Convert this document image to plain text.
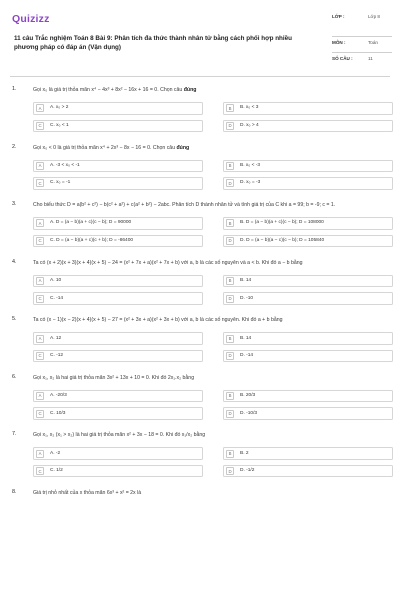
Quizizz
11 câu Trắc nghiệm Toán 8 Bài 9: Phân tích đa thức thành nhân tử bằng cách phối hợp nhiều phương pháp có đáp án (Vận dụng)
LỚP :	Lớp 8
MÔN :	Toán
SỐ CÂU :	11
1.	Gọi x₀ là giá trị thỏa mãn x⁴ − 4x³ + 8x² − 16x + 16 = 0. Chọn câu đúng
A	A. x₀ > 2	B	B. x₀ < 3
C	C. x₀ < 1	D	D. x₀ > 4
2.	Gọi x₀ < 0 là giá trị thỏa mãn x⁴ + 2x³ − 8x − 16 = 0. Chọn câu đúng
A	A. -3 < x₀ < -1	B	B. x₀ < -3
C	C. x₀ = -1	D	D. x₀ = -3
3.	Cho biểu thức D = a(b² + c²) − b(c² + a²) + c(a² + b²) − 2abc. Phân tích D thành nhân tử và tính giá trị của C khi a = 99; b = -9; c = 1.
A	A. D = (a − b)(a + c)(c − b); D = 90000	B	B. D = (a − b)(a + c)(c − b); D = 108000
C	C. D = (a − b)(a + c)(c + b); D = -86400	D	D. D = (a − b)(a − c)(c − b); D = 105840
4.	Ta có (x + 2)(x + 3)(x + 4)(x + 5) − 24 = (x² + 7x + a)(x² + 7x + b) với a, b là các số nguyên và a < b. Khi đó a − b bằng
A	A. 10	B	B. 14
C	C. -14	D	D. -10
5.	Ta có (x − 1)(x − 2)(x + 4)(x + 5) − 27 = (x² + 3x + a)(x² + 3x + b) với a, b là các số nguyên. Khi đó a + b bằng
A	A. 12	B	B. 14
C	C. -12	D	D. -14
6.	Gọi x₁, x₂ là hai giá trị thỏa mãn 3x² + 13x + 10 = 0. Khi đó 2x₁.x₂ bằng
A	A. -20/3	B	B. 20/3
C	C. 10/3	D	D. -10/3
7.	Gọi x₁, x₂ (x₁ > x₂) là hai giá trị thỏa mãn x² + 3x − 18 = 0. Khi đó x₁/x₂ bằng
A	A. -2	B	B. 2
C	C. 1/2	D	D. -1/2
8.	Giá trị nhỏ nhất của x thỏa mãn 6x³ + x² = 2x là
